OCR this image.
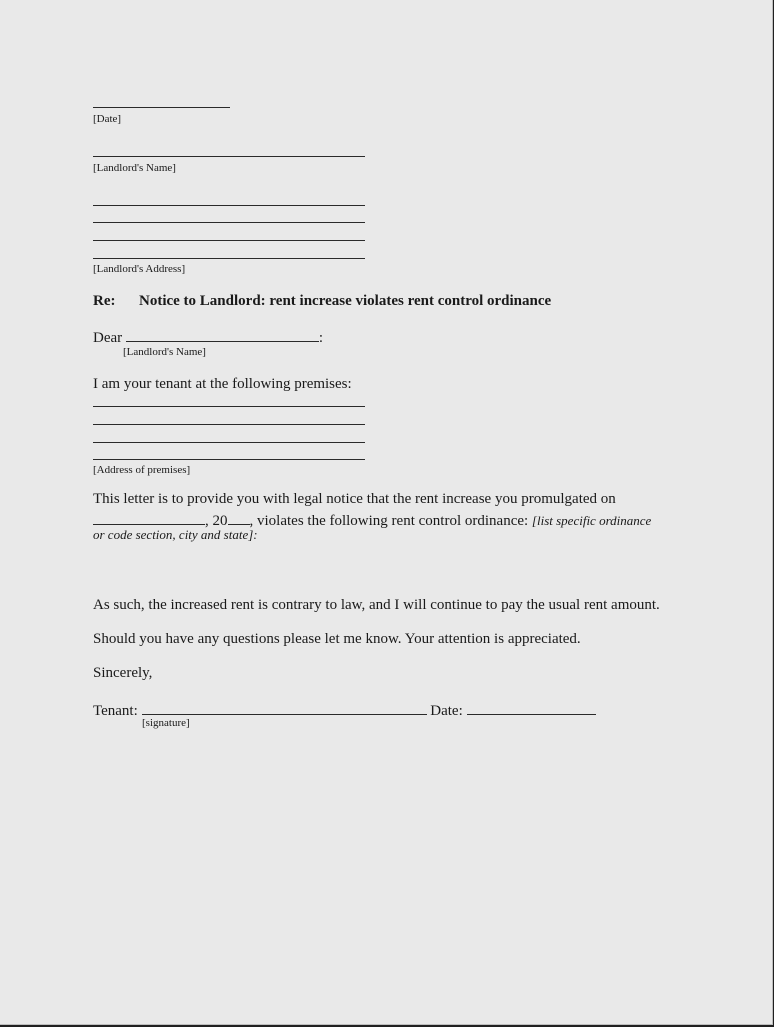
[Date]
[Landlord's Name]
[Landlord's Address]
Re: Notice to Landlord: rent increase violates rent control ordinance
Dear	:
[Landlord's Name]
I am your tenant at the following premises:
[Address of premises]
This letter is to provide you with legal notice that the rent increase you promulgated on
, 20 , violates the following rent control ordinance: [list specific ordinance
or code section, city and state]:
As such, the increased rent is contrary to law, and I will continue to pay the usual rent amount.
Should you have any questions please let me know. Your attention is appreciated.
Sincerely,
Tenant:	Date:
[signature]
